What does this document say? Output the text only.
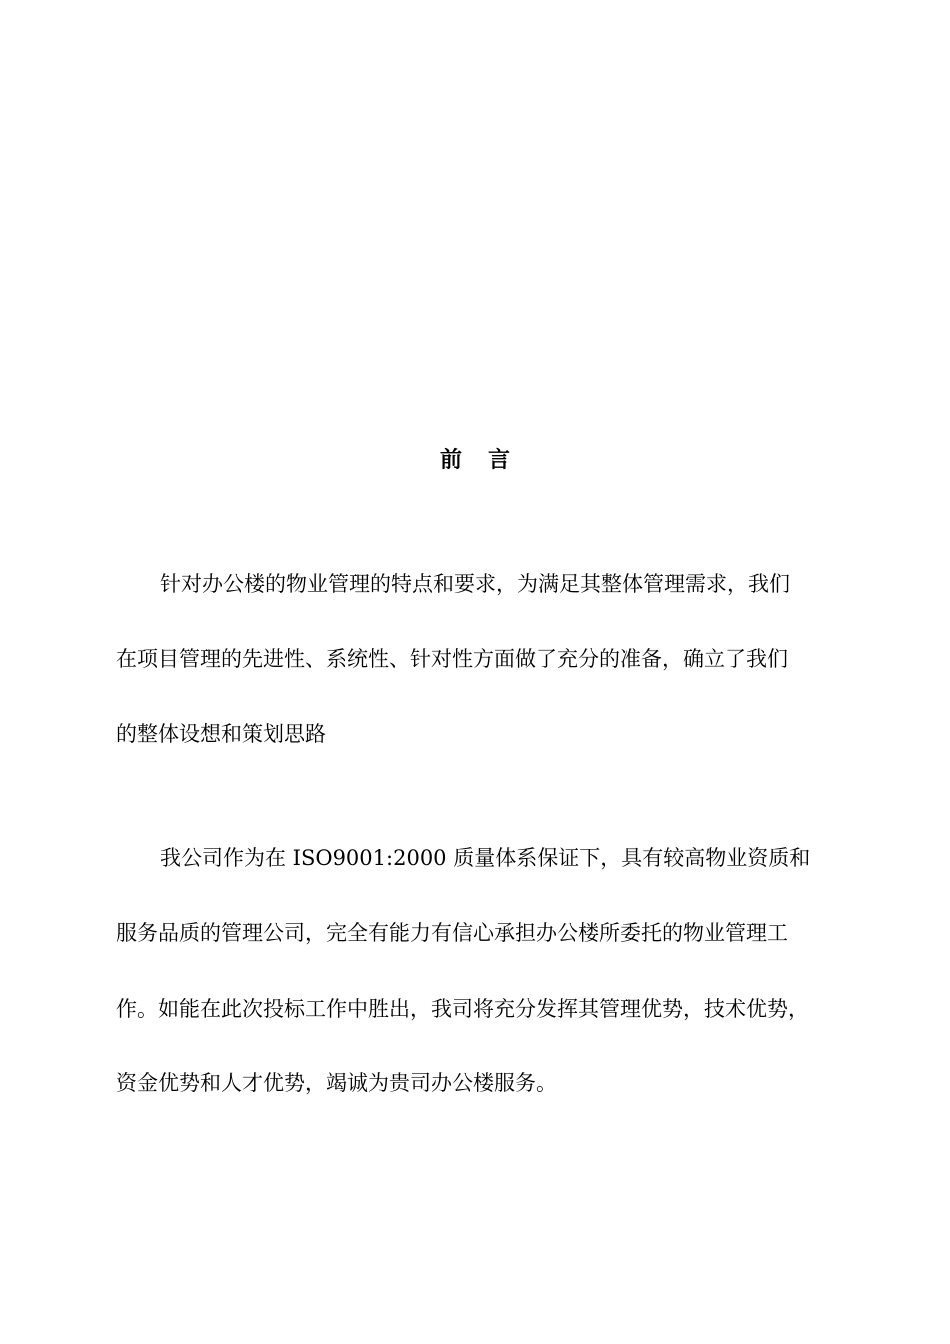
前 言
针对办公楼的物业管理的特点和要求，为满足其整体管理需求，我们
在项目管理的先进性、系统性、针对性方面做了充分的准备，确立了我们
的整体设想和策划思路
我公司作为在 ISO9001:2000 质量体系保证下，具有较高物业资质和
服务品质的管理公司，完全有能力有信心承担办公楼所委托的物业管理工
作。如能在此次投标工作中胜出，我司将充分发挥其管理优势，技术优势，
资金优势和人才优势，竭诚为贵司办公楼服务。
